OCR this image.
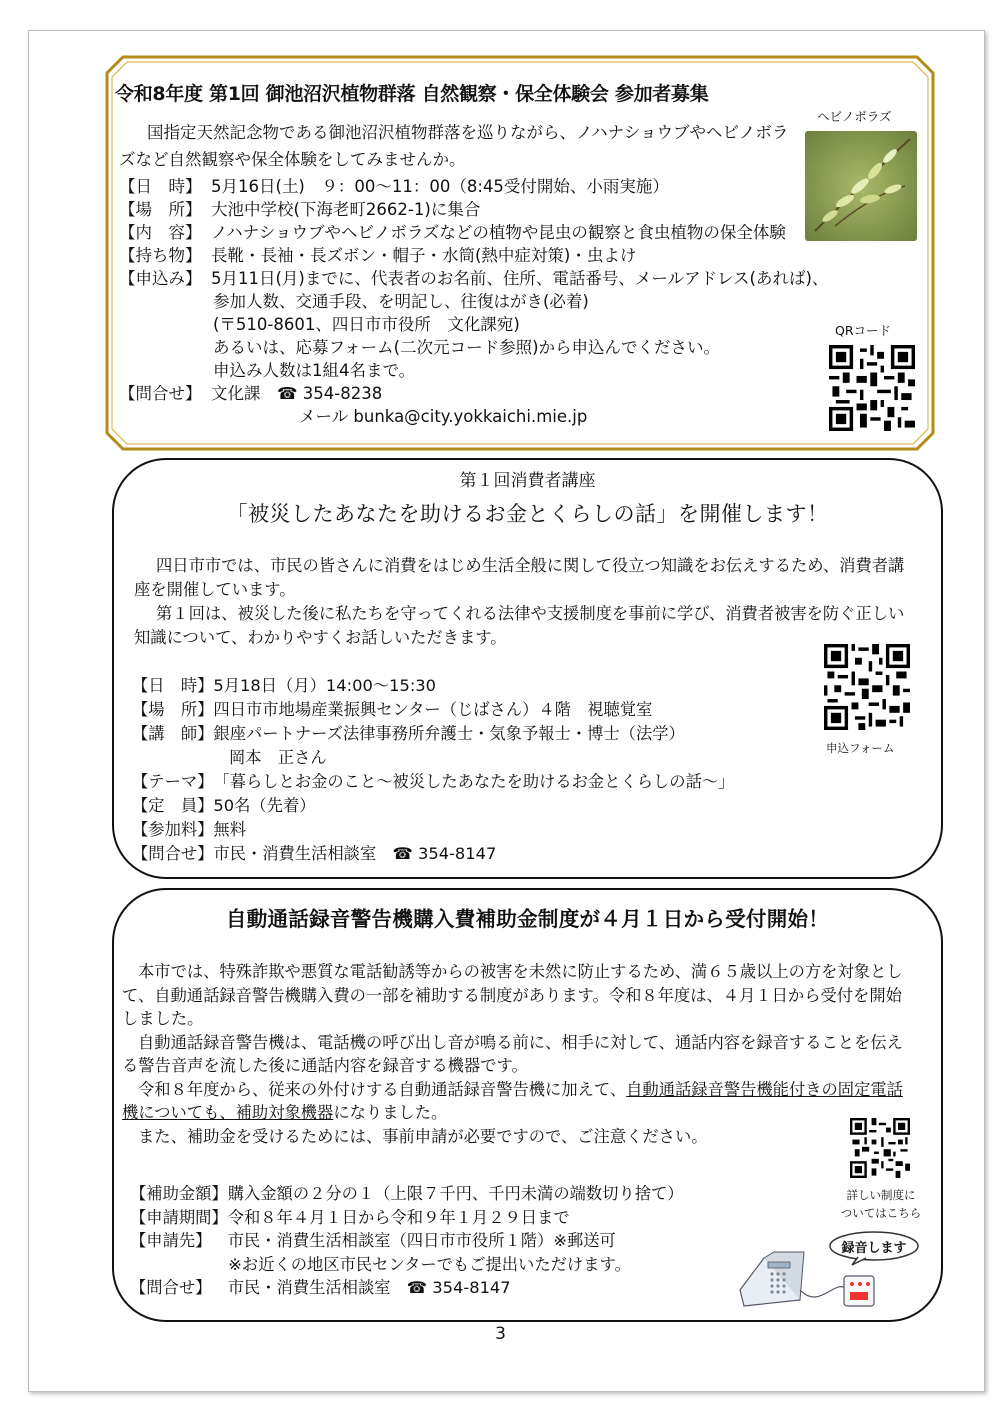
令和8年度 第1回 御池沼沢植物群落 自然観察・保全体験会 参加者募集
国指定天然記念物である御池沼沢植物群落を巡りながら、ノハナショウブやヘビノボラズなど自然観察や保全体験をしてみませんか。
ヘビノボラズ
【日　時】 5月16日(土)　９：00～11：00（8:45受付開始、小雨実施）
【場　所】 大池中学校(下海老町2662-1)に集合
【内　容】 ノハナショウブやヘビノボラズなどの植物や昆虫の観察と食虫植物の保全体験
【持ち物】 長靴・長袖・長ズボン・帽子・水筒(熱中症対策)・虫よけ
【申込み】 5月11日(月)までに、代表者のお名前、住所、電話番号、メールアドレス(あれば)、
参加人数、交通手段、を明記し、往復はがき(必着)
(〒510-8601、四日市市役所　文化課宛)
あるいは、応募フォーム(二次元コード参照)から申込んでください。
申込み人数は1組4名まで。
【問合せ】 文化課　☎ 354-8238
メール bunka@city.yokkaichi.mie.jp
QRコード
第１回消費者講座
「被災したあなたを助けるお金とくらしの話」を開催します！

四日市市では、市民の皆さんに消費をはじめ生活全般に関して役立つ知識をお伝えするため、消費者講座を開催しています。

第１回は、被災した後に私たちを守ってくれる法律や支援制度を事前に学び、消費者被害を防ぐ正しい知識について、わかりやすくお話しいただきます。

【日　時】5月18日（月）14:00～15:30
【場　所】四日市市地場産業振興センター（じばさん）４階　視聴覚室
【講　師】銀座パートナーズ法律事務所弁護士・気象予報士・博士（法学）
岡本　正さん
【テーマ】「暮らしとお金のこと～被災したあなたを助けるお金とくらしの話～」
【定　員】50名（先着）
【参加料】無料
【問合せ】市民・消費生活相談室　☎ 354-8147
申込フォーム
自動通話録音警告機購入費補助金制度が４月１日から受付開始！

本市では、特殊詐欺や悪質な電話勧誘等からの被害を未然に防止するため、満６５歳以上の方を対象として、自動通話録音警告機購入費の一部を補助する制度があります。令和８年度は、４月１日から受付を開始しました。

自動通話録音警告機は、電話機の呼び出し音が鳴る前に、相手に対して、通話内容を録音することを伝える警告音声を流した後に通話内容を録音する機器です。

令和８年度から、従来の外付けする自動通話録音警告機に加えて、自動通話録音警告機能付きの固定電話機についても、補助対象機器になりました。

また、補助金を受けるためには、事前申請が必要ですので、ご注意ください。

【補助金額】購入金額の２分の１（上限７千円、千円未満の端数切り捨て）
【申請期間】令和８年４月１日から令和９年１月２９日まで
【申請先】　市民・消費生活相談室（四日市市役所１階）※郵送可
　※お近くの地区市民センターでもご提出いただけます。
【問合せ】　市民・消費生活相談室　☎ 354-8147
詳しい制度に
ついてはこちら
録音します
3
